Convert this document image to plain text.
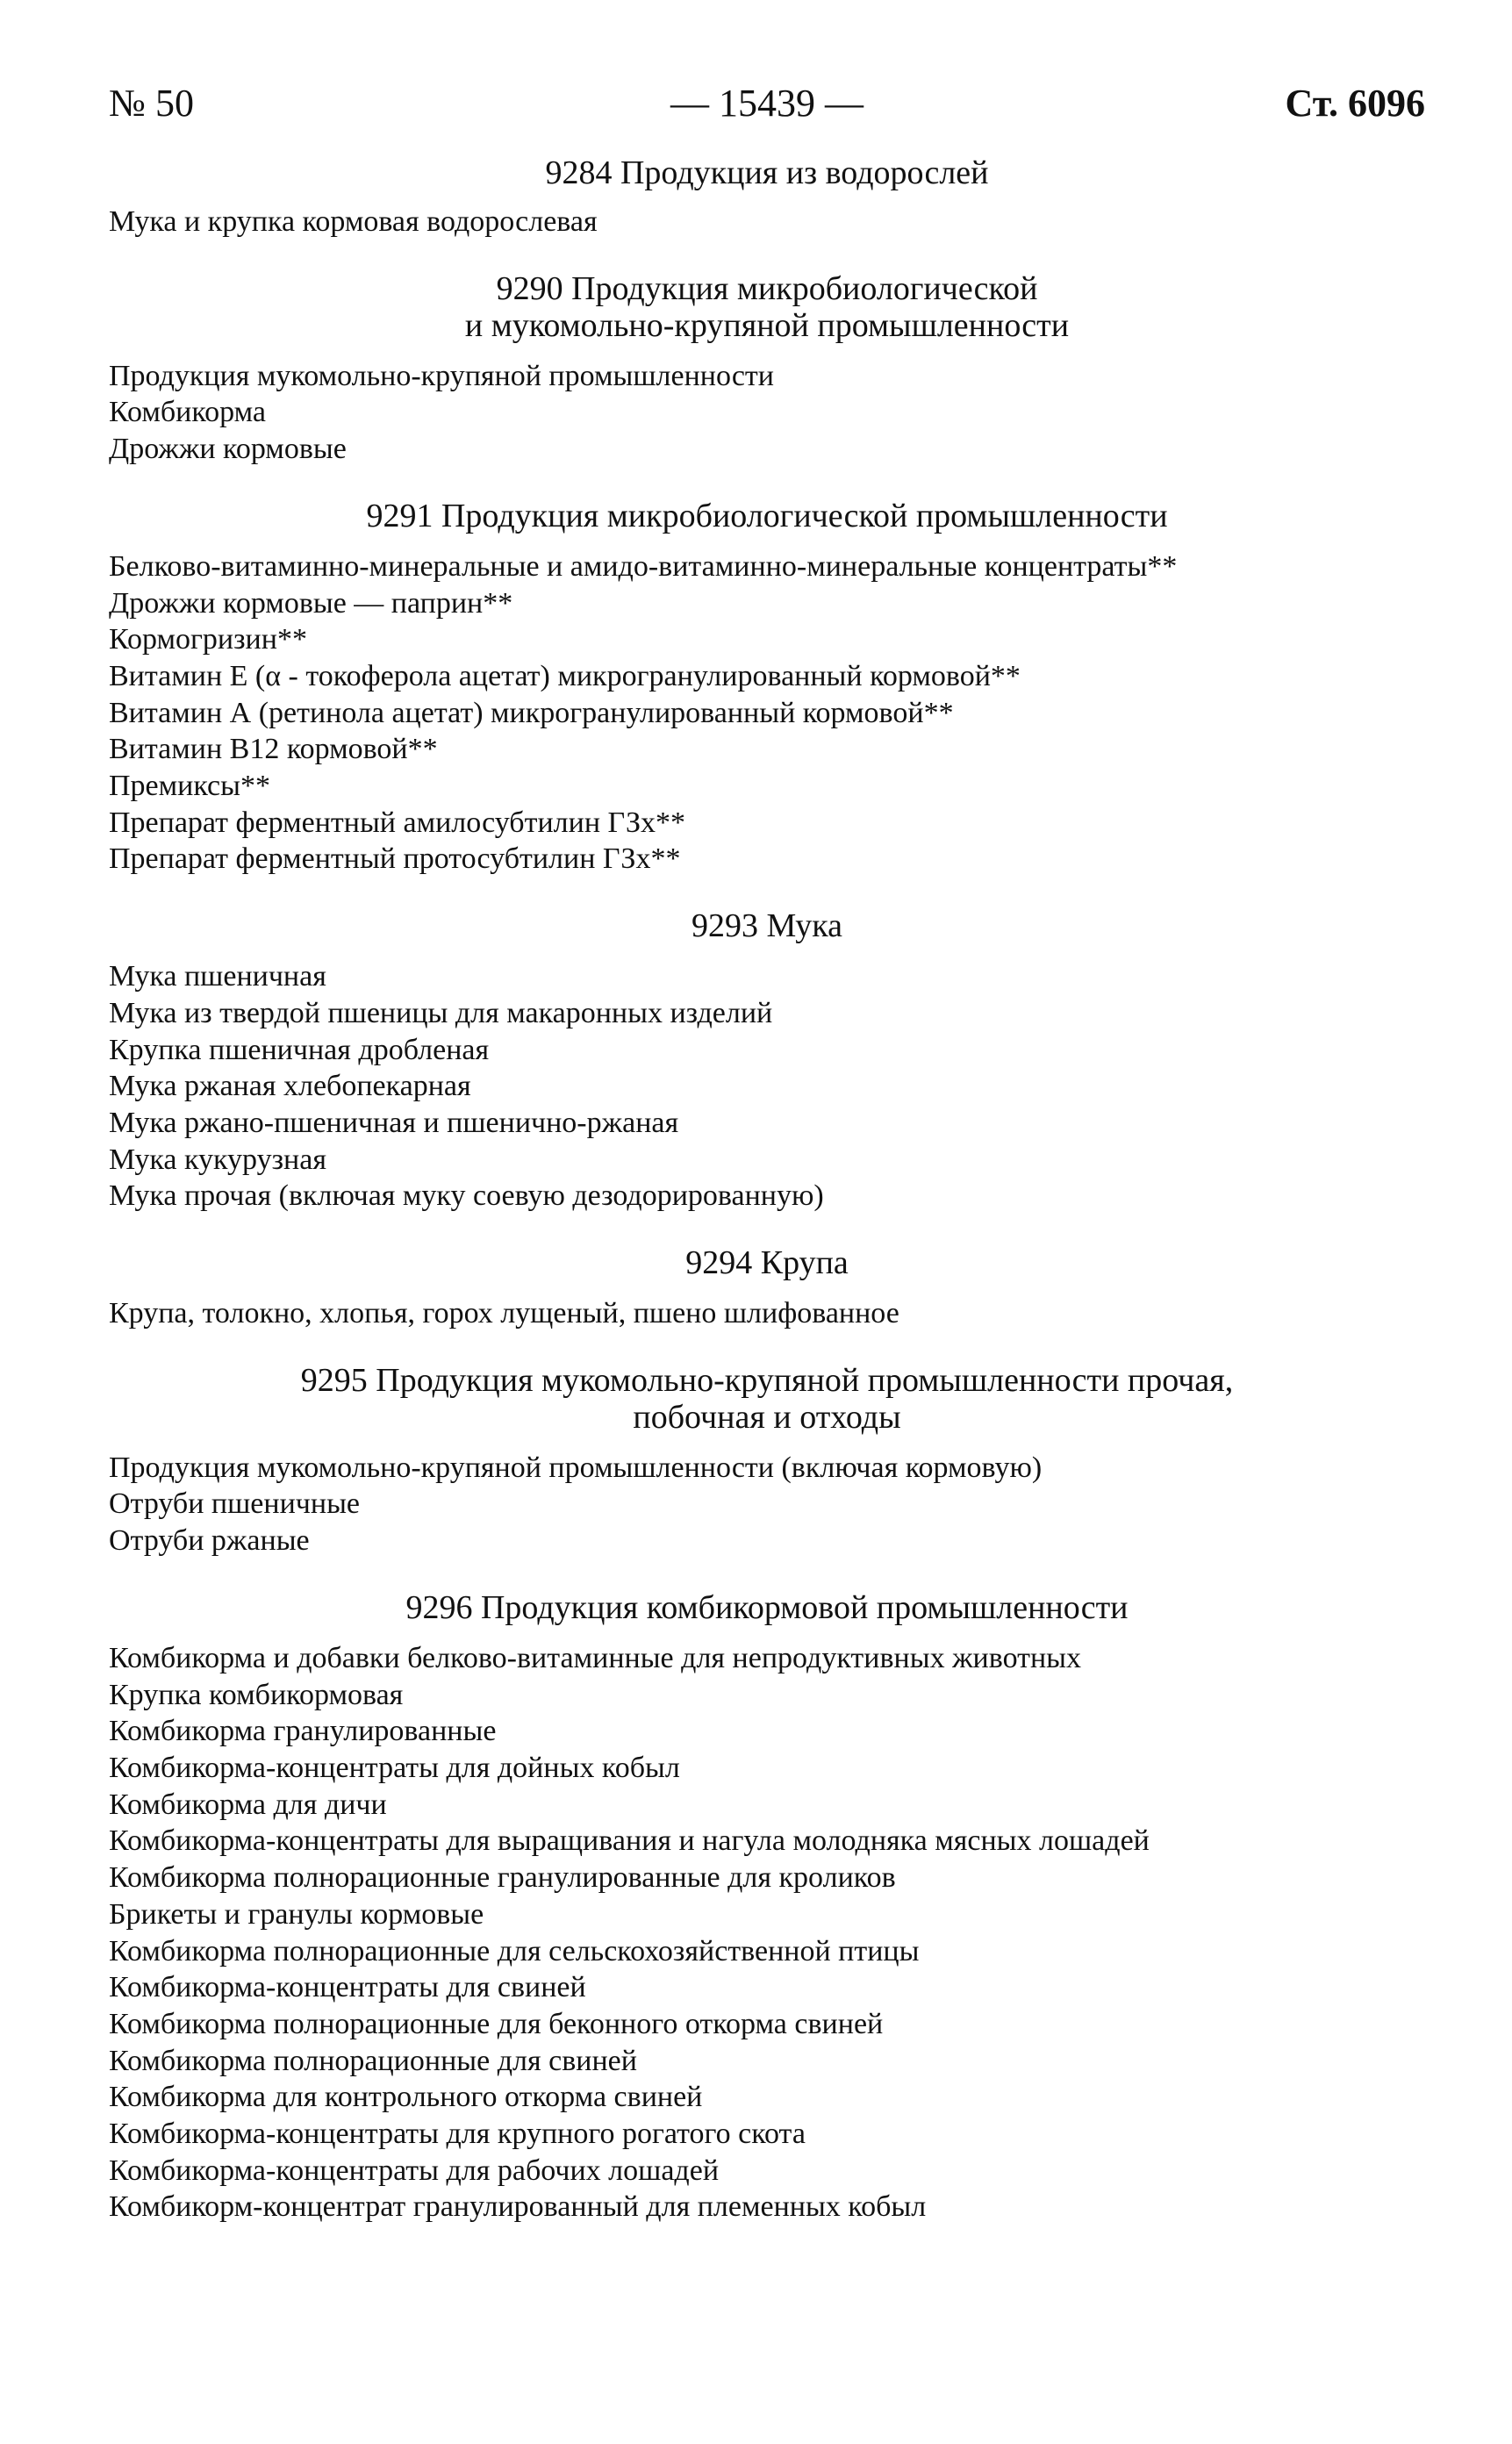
№ 50	— 15439 —	Ст. 6096
9284 Продукция из водорослей
Мука и крупка кормовая водорослевая
9290 Продукция микробиологической
и мукомольно-крупяной промышленности
Продукция мукомольно-крупяной промышленности
Комбикорма
Дрожжи кормовые
9291 Продукция микробиологической промышленности
Белково-витаминно-минеральные и амидо-витаминно-минеральные концентраты**
Дрожжи кормовые — паприн**
Кормогризин**
Витамин Е (α - токоферола ацетат) микрогранулированный кормовой**
Витамин А (ретинола ацетат) микрогранулированный кормовой**
Витамин В12 кормовой**
Премиксы**
Препарат ферментный амилосубтилин ГЗх**
Препарат ферментный протосубтилин ГЗх**
9293 Мука
Мука пшеничная
Мука из твердой пшеницы для макаронных изделий
Крупка пшеничная дробленая
Мука ржаная хлебопекарная
Мука ржано-пшеничная и пшенично-ржаная
Мука кукурузная
Мука прочая (включая муку соевую дезодорированную)
9294 Крупа
Крупа, толокно, хлопья, горох лущеный, пшено шлифованное
9295 Продукция мукомольно-крупяной промышленности прочая,
побочная и отходы
Продукция мукомольно-крупяной промышленности (включая кормовую)
Отруби пшеничные
Отруби ржаные
9296 Продукция комбикормовой промышленности
Комбикорма и добавки белково-витаминные для непродуктивных животных
Крупка комбикормовая
Комбикорма гранулированные
Комбикорма-концентраты для дойных кобыл
Комбикорма для дичи
Комбикорма-концентраты для выращивания и нагула молодняка мясных лошадей
Комбикорма полнорационные гранулированные для кроликов
Брикеты и гранулы кормовые
Комбикорма полнорационные для сельскохозяйственной птицы
Комбикорма-концентраты для свиней
Комбикорма полнорационные для беконного откорма свиней
Комбикорма полнорационные для свиней
Комбикорма для контрольного откорма свиней
Комбикорма-концентраты для крупного рогатого скота
Комбикорма-концентраты для рабочих лошадей
Комбикорм-концентрат гранулированный для племенных кобыл
